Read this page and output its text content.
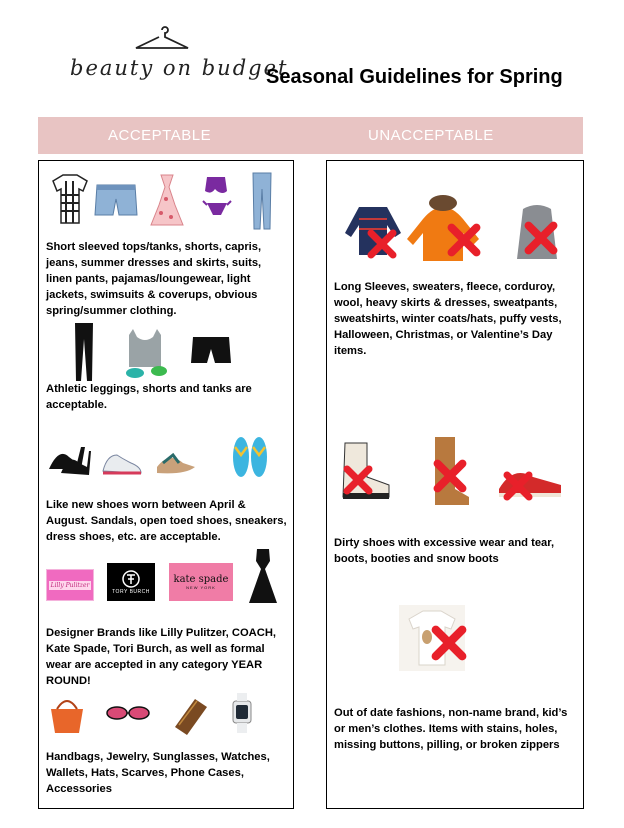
beauty on budget
Seasonal Guidelines for Spring
ACCEPTABLE	UNACCEPTABLE
Short sleeved tops/tanks, shorts, capris, jeans, summer dresses and skirts, suits, linen pants, pajamas/loungewear, light jackets, swimsuits & coverups, obvious spring/summer clothing.
Athletic leggings, shorts and tanks are acceptable.
Like new shoes worn between April & August. Sandals, open toed shoes, sneakers, dress shoes, etc. are acceptable.
Lilly Pulitzer
TORY BURCH
kate spade
NEW YORK
Designer Brands like Lilly Pulitzer, COACH, Kate Spade, Tori Burch, as well as formal wear are accepted in any category YEAR ROUND!
Handbags, Jewelry, Sunglasses, Watches, Wallets, Hats, Scarves, Phone Cases, Accessories
Long Sleeves, sweaters, fleece, corduroy, wool, heavy skirts & dresses, sweatpants, sweatshirts, winter coats/hats, puffy vests, Halloween, Christmas, or Valentine’s Day items.
Dirty shoes with excessive wear and tear, boots, booties and snow boots
Out of date fashions, non-name brand, kid’s or men’s clothes. Items with stains, holes, missing buttons, pilling, or broken zippers
